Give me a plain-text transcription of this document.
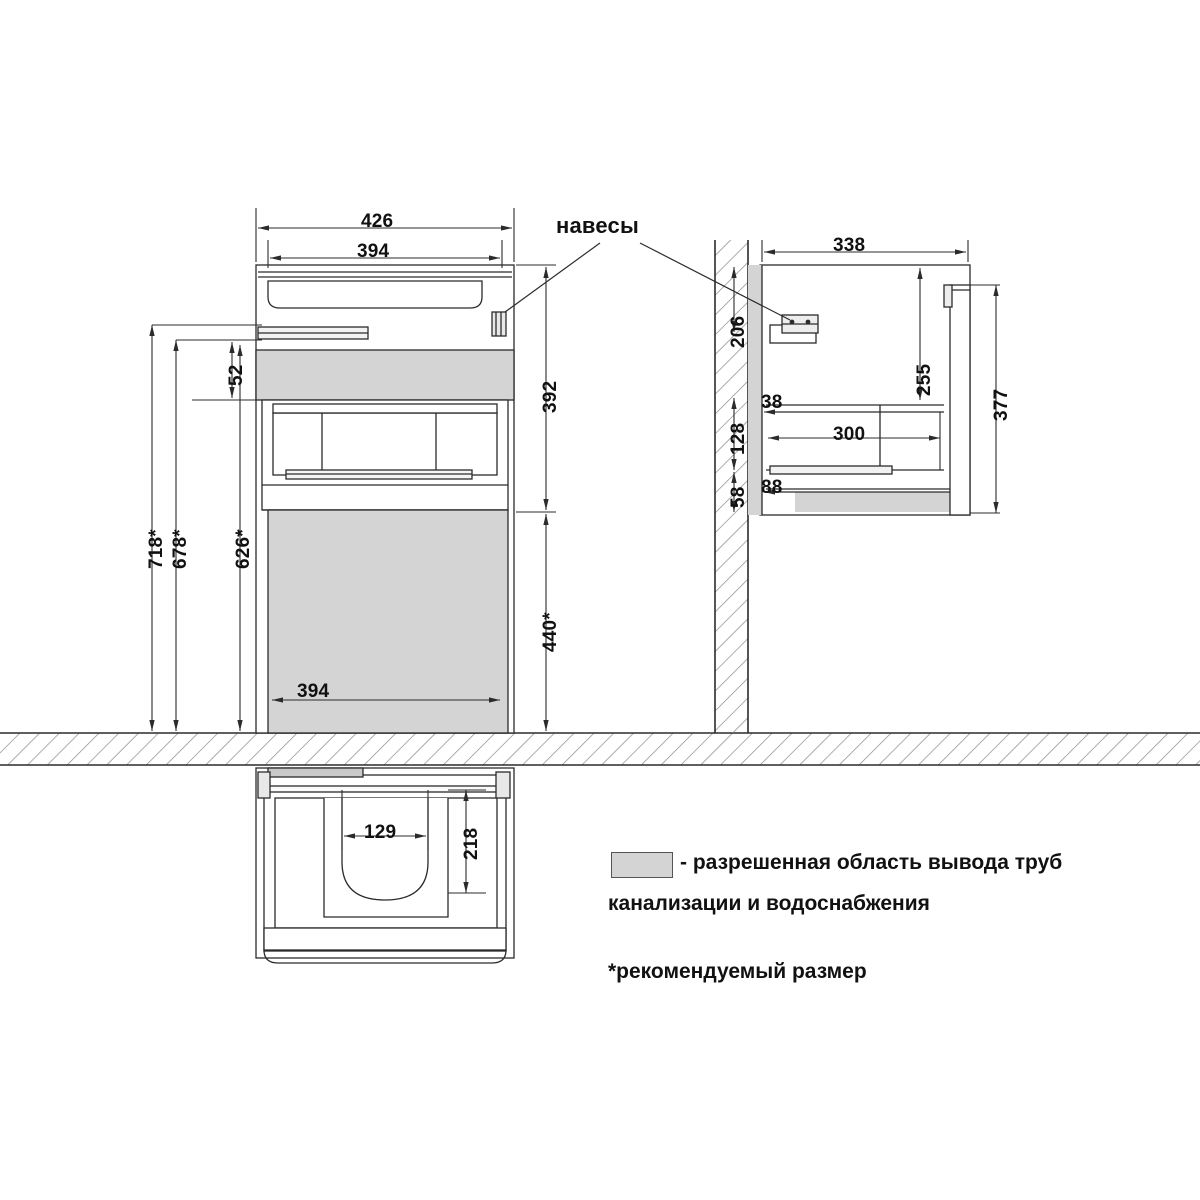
426
394
394
52
626*
678*
718*
392
440*
338
255
377
300
38
88
206
128
58
129	218
навесы
- разрешенная область вывода труб
канализации и водоснабжения
*рекомендуемый размер
